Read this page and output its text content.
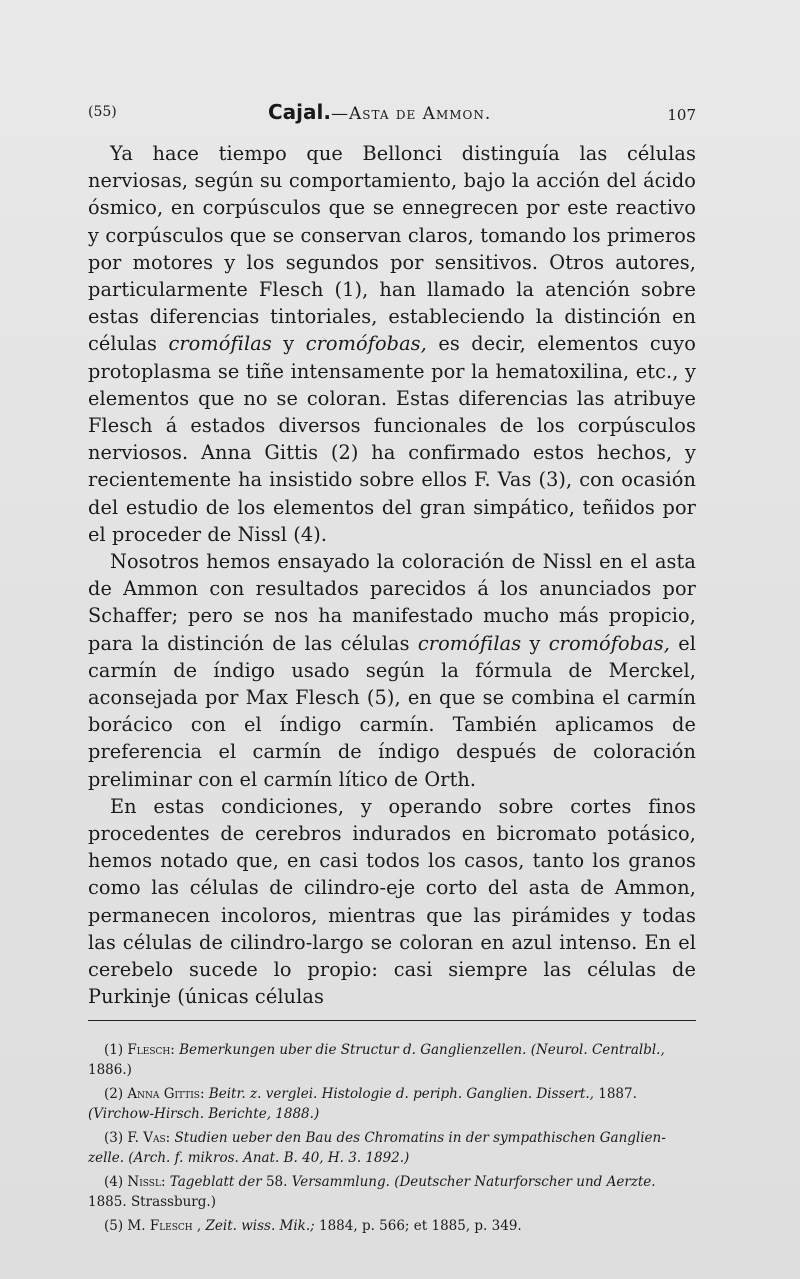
(55)	Cajal.—Asta de Ammon.	107

Ya hace tiempo que Bellonci distinguía las células nerviosas, según su comportamiento, bajo la acción del ácido ósmico, en corpúsculos que se ennegrecen por este reactivo y corpúsculos que se conservan claros, tomando los primeros por motores y los segundos por sensitivos. Otros autores, particularmente Flesch (1), han llamado la atención sobre estas diferencias tintoriales, estableciendo la distinción en células cromófilas y cromófobas, es decir, elementos cuyo protoplasma se tiñe intensamente por la hematoxilina, etc., y elementos que no se coloran. Estas diferencias las atribuye Flesch á estados diversos funcionales de los corpúsculos nerviosos. Anna Gittis (2) ha confirmado estos hechos, y recientemente ha insistido sobre ellos F. Vas (3), con ocasión del estudio de los elementos del gran simpático, teñidos por el proceder de Nissl (4).

Nosotros hemos ensayado la coloración de Nissl en el asta de Ammon con resultados parecidos á los anunciados por Schaffer; pero se nos ha manifestado mucho más propicio, para la distinción de las células cromófilas y cromófobas, el carmín de índigo usado según la fórmula de Merckel, aconsejada por Max Flesch (5), en que se combina el carmín borácico con el índigo carmín. También aplicamos de preferencia el carmín de índigo después de coloración preliminar con el carmín lítico de Orth.

En estas condiciones, y operando sobre cortes finos procedentes de cerebros indurados en bicromato potásico, hemos notado que, en casi todos los casos, tanto los granos como las células de cilindro-eje corto del asta de Ammon, permanecen incoloros, mientras que las pirámides y todas las células de cilindro-largo se coloran en azul intenso. En el cerebelo sucede lo propio: casi siempre las células de Purkinje (únicas células

(1) Flesch: Bemerkungen uber die Structur d. Ganglienzellen. (Neurol. Centralbl.,
1886.)

(2) Anna Gittis: Beitr. z. verglei. Histologie d. periph. Ganglien. Dissert., 1887.
(Virchow-Hirsch. Berichte, 1888.)

(3) F. Vas: Studien ueber den Bau des Chromatins in der sympathischen Ganglien-
zelle. (Arch. f. mikros. Anat. B. 40, H. 3. 1892.)

(4) Nissl: Tageblatt der 58. Versammlung. (Deutscher Naturforscher und Aerzte.
1885. Strassburg.)

(5) M. Flesch , Zeit. wiss. Mik.; 1884, p. 566; et 1885, p. 349.
